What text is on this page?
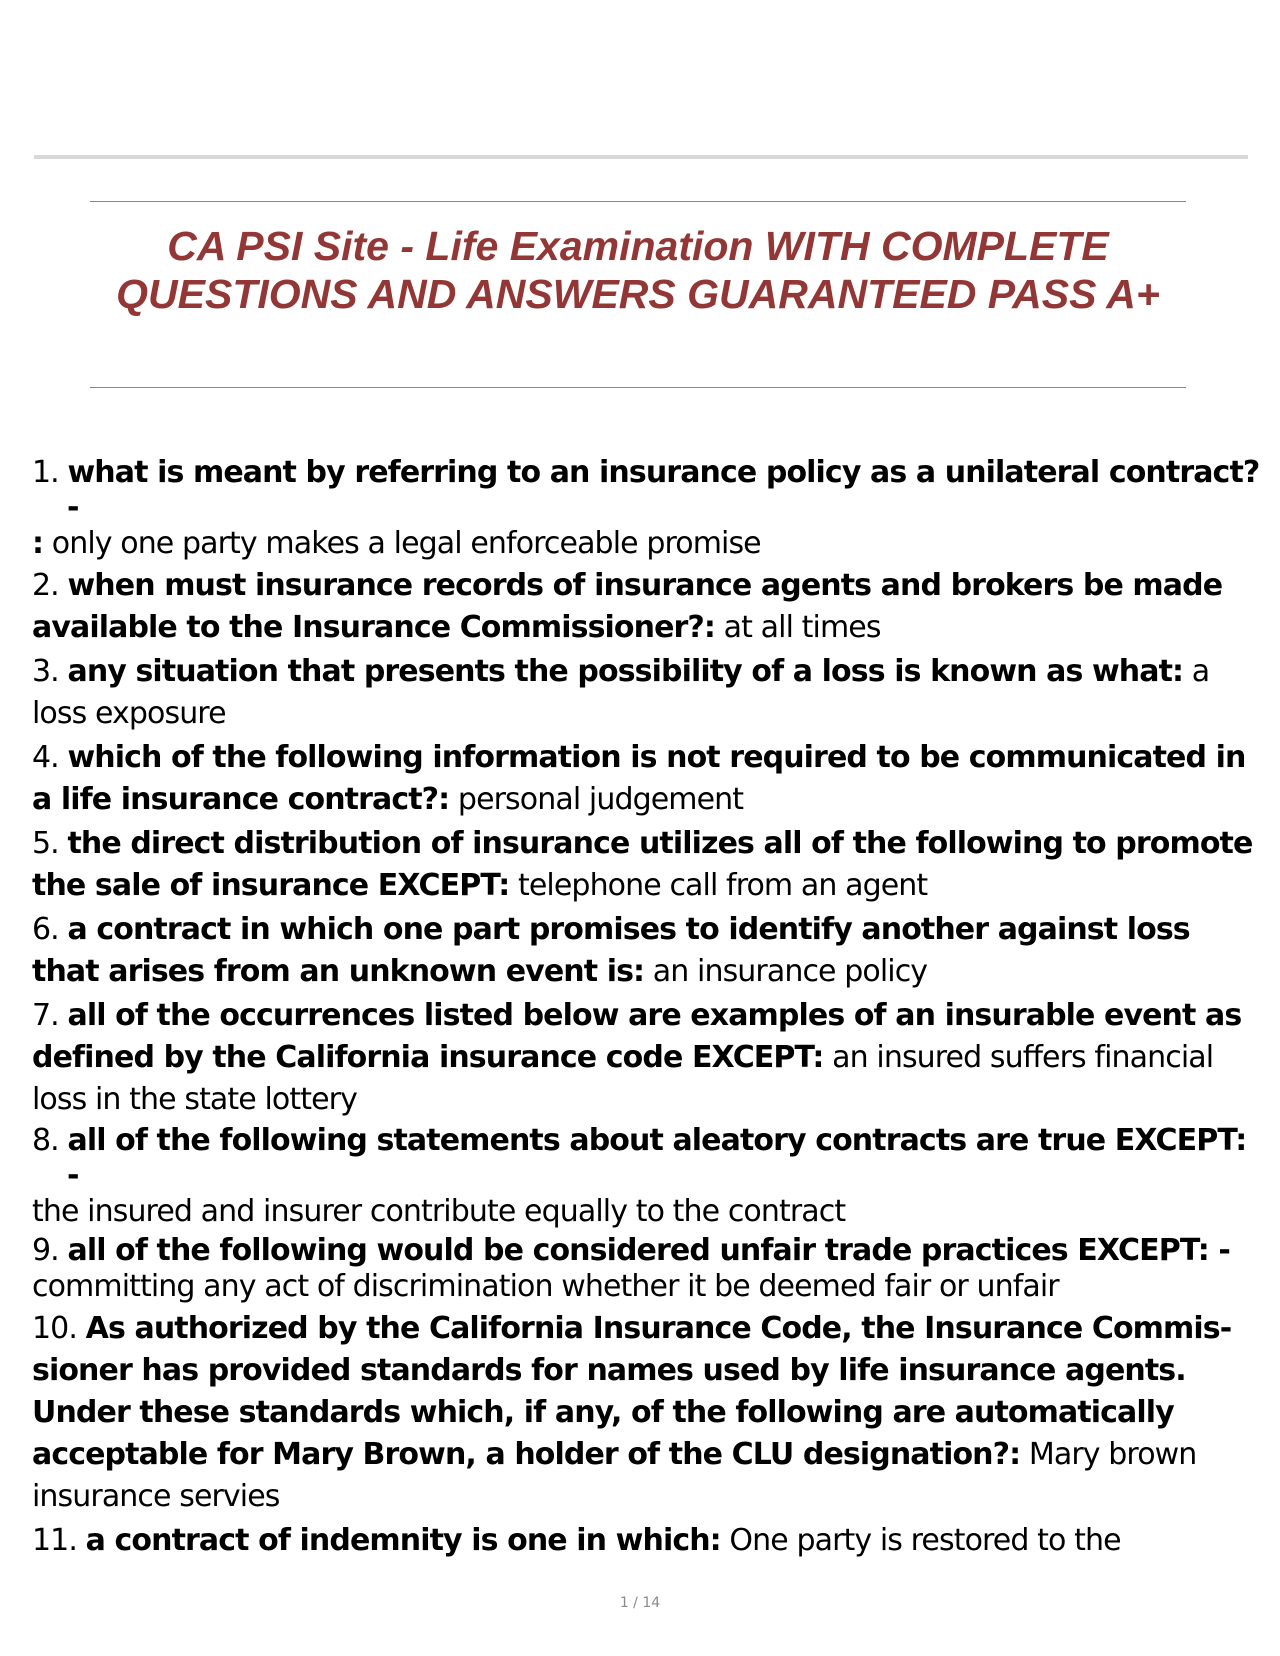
CA PSI Site - Life Examination WITH COMPLETE QUESTIONS AND ANSWERS GUARANTEED PASS A+
1. what is meant by referring to an insurance policy as a unilateral contract?-
: only one party makes a legal enforceable promise
2. when must insurance records of insurance agents and brokers be made available to the Insurance Commissioner?: at all times
3. any situation that presents the possibility of a loss is known as what: a loss exposure
4. which of the following information is not required to be communicated in a life insurance contract?: personal judgement
5. the direct distribution of insurance utilizes all of the following to promote the sale of insurance EXCEPT: telephone call from an agent
6. a contract in which one part promises to identify another against loss that arises from an unknown event is: an insurance policy
7. all of the occurrences listed below are examples of an insurable event as defined by the California insurance code EXCEPT: an insured suffers financial loss in the state lottery
8. all of the following statements about aleatory contracts are true EXCEPT: -
the insured and insurer contribute equally to the contract
9. all of the following would be considered unfair trade practices EXCEPT: -
committing any act of discrimination whether it be deemed fair or unfair
10. As authorized by the California Insurance Code, the Insurance Commis- sioner has provided standards for names used by life insurance agents. Under these standards which, if any, of the following are automatically acceptable for Mary Brown, a holder of the CLU designation?: Mary brown insurance servies
11. a contract of indemnity is one in which: One party is restored to the
1 / 14
